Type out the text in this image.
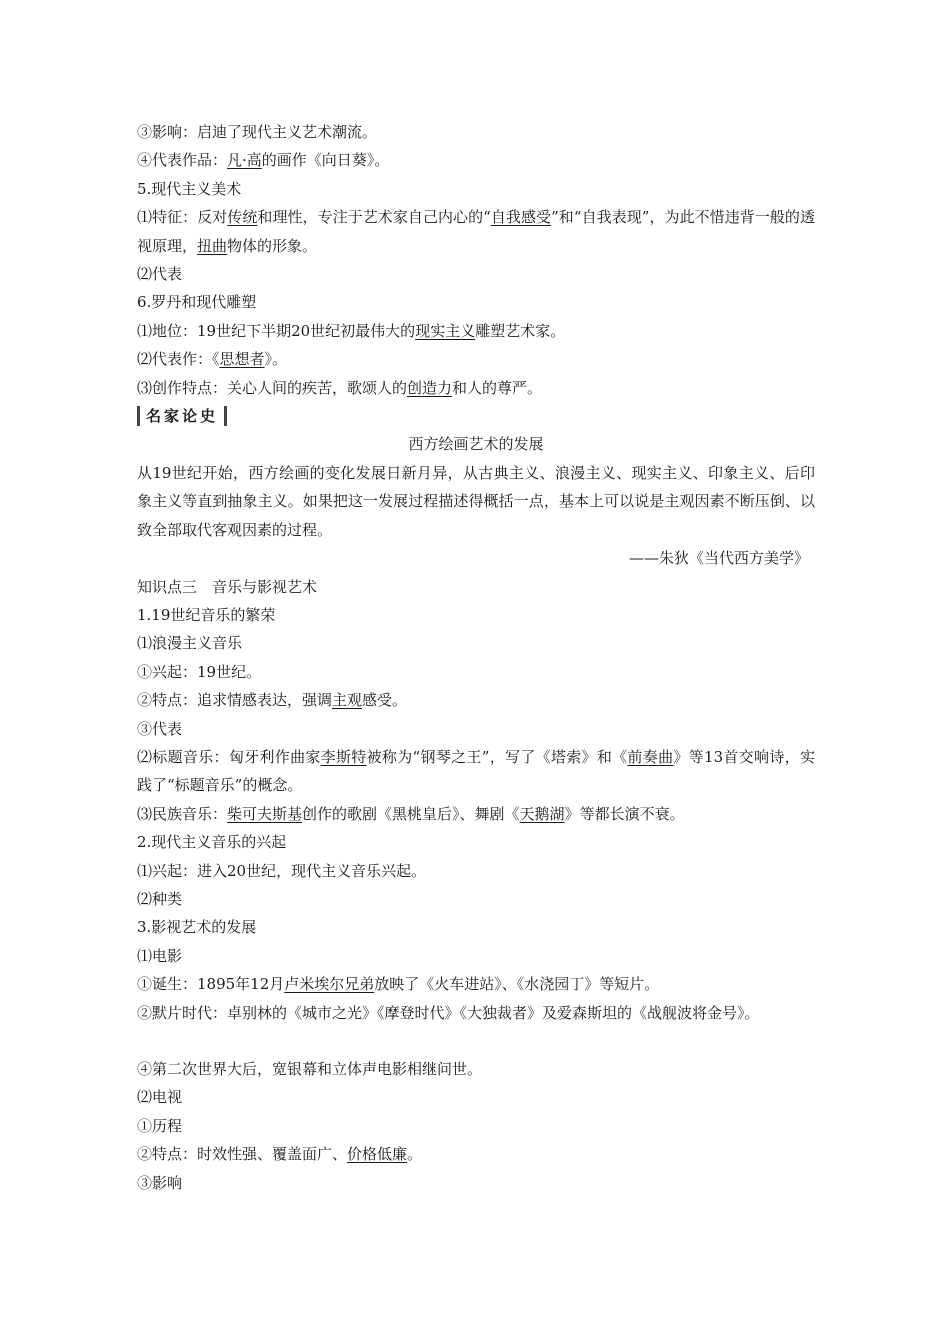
③影响：启迪了现代主义艺术潮流。
④代表作品：凡·高的画作《向日葵》。
5.现代主义美术
⑴特征：反对传统和理性，专注于艺术家自己内心的“自我感受”和“自我表现”，为此不惜违背一般的透视原理，扭曲物体的形象。
⑵代表
6.罗丹和现代雕塑
⑴地位：19世纪下半期20世纪初最伟大的现实主义雕塑艺术家。
⑵代表作：《思想者》。
⑶创作特点：关心人间的疾苦，歌颂人的创造力和人的尊严。
名家论史
西方绘画艺术的发展
从19世纪开始，西方绘画的变化发展日新月异，从古典主义、浪漫主义、现实主义、印象主义、后印象主义等直到抽象主义。如果把这一发展过程描述得概括一点，基本上可以说是主观因素不断压倒、以致全部取代客观因素的过程。
——朱狄《当代西方美学》
知识点三　音乐与影视艺术
1.19世纪音乐的繁荣
⑴浪漫主义音乐
①兴起：19世纪。
②特点：追求情感表达，强调主观感受。
③代表
⑵标题音乐：匈牙利作曲家李斯特被称为“钢琴之王”，写了《塔索》和《前奏曲》等13首交响诗，实践了“标题音乐”的概念。
⑶民族音乐：柴可夫斯基创作的歌剧《黑桃皇后》、舞剧《天鹅湖》等都长演不衰。
2.现代主义音乐的兴起
⑴兴起：进入20世纪，现代主义音乐兴起。
⑵种类
3.影视艺术的发展
⑴电影
①诞生：1895年12月卢米埃尔兄弟放映了《火车进站》、《水浇园丁》等短片。
②默片时代：卓别林的《城市之光》《摩登时代》《大独裁者》及爱森斯坦的《战舰波将金号》。
④第二次世界大后，宽银幕和立体声电影相继问世。
⑵电视
①历程
②特点：时效性强、覆盖面广、价格低廉。
③影响
